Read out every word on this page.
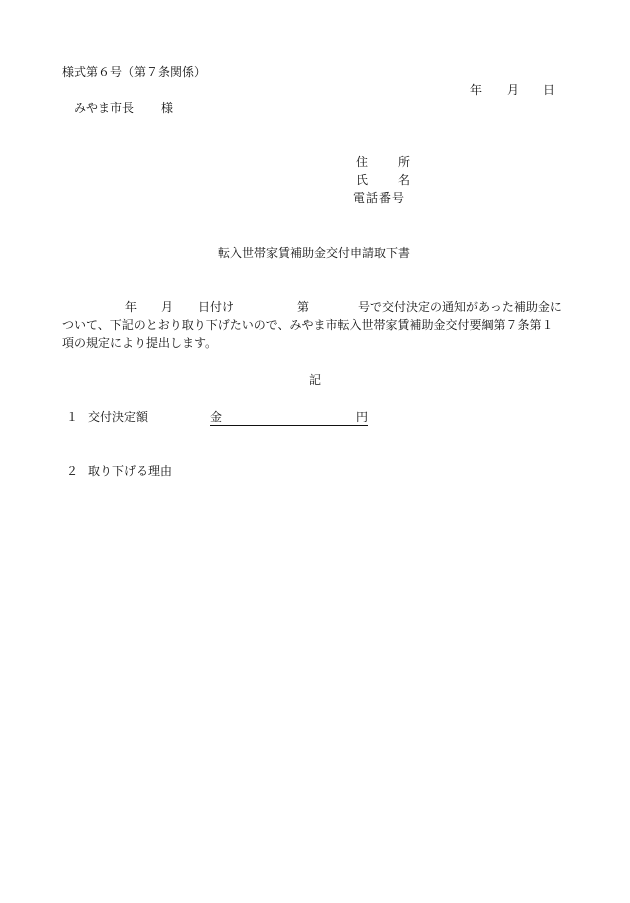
様式第６号（第７条関係）
年 月 日
みやま市長 様
住 所
氏 名
電話番号
転入世帯家賃補助金交付申請取下書
年 月 日付け	第	号で交付決定の通知があった補助金に
ついて、下記のとおり取り下げたいので、みやま市転入世帯家賃補助金交付要綱第７条第１
項の規定により提出します。
記
１ 交付決定額	金	円
２ 取り下げる理由
